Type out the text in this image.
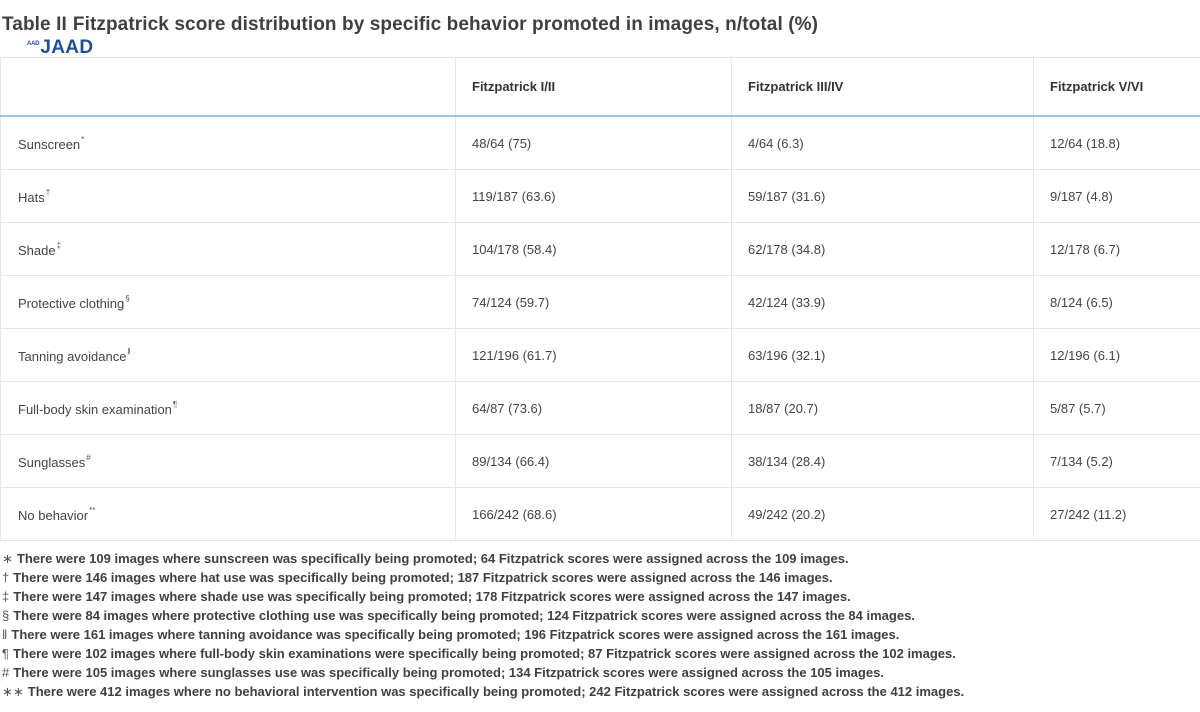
Table II Fitzpatrick score distribution by specific behavior promoted in images, n/total (%)
AAD JAAD
	Fitzpatrick I/II	Fitzpatrick III/IV	Fitzpatrick V/VI
Sunscreen*	48/64 (75)	4/64 (6.3)	12/64 (18.8)
Hats†	119/187 (63.6)	59/187 (31.6)	9/187 (4.8)
Shade‡	104/178 (58.4)	62/178 (34.8)	12/178 (6.7)
Protective clothing§	74/124 (59.7)	42/124 (33.9)	8/124 (6.5)
Tanning avoidance‖	121/196 (61.7)	63/196 (32.1)	12/196 (6.1)
Full-body skin examination¶	64/87 (73.6)	18/87 (20.7)	5/87 (5.7)
Sunglasses#	89/134 (66.4)	38/134 (28.4)	7/134 (5.2)
No behavior**	166/242 (68.6)	49/242 (20.2)	27/242 (11.2)
∗ There were 109 images where sunscreen was specifically being promoted; 64 Fitzpatrick scores were assigned across the 109 images.
† There were 146 images where hat use was specifically being promoted; 187 Fitzpatrick scores were assigned across the 146 images.
‡ There were 147 images where shade use was specifically being promoted; 178 Fitzpatrick scores were assigned across the 147 images.
§ There were 84 images where protective clothing use was specifically being promoted; 124 Fitzpatrick scores were assigned across the 84 images.
‖ There were 161 images where tanning avoidance was specifically being promoted; 196 Fitzpatrick scores were assigned across the 161 images.
¶ There were 102 images where full-body skin examinations were specifically being promoted; 87 Fitzpatrick scores were assigned across the 102 images.
# There were 105 images where sunglasses use was specifically being promoted; 134 Fitzpatrick scores were assigned across the 105 images.
∗∗ There were 412 images where no behavioral intervention was specifically being promoted; 242 Fitzpatrick scores were assigned across the 412 images.
